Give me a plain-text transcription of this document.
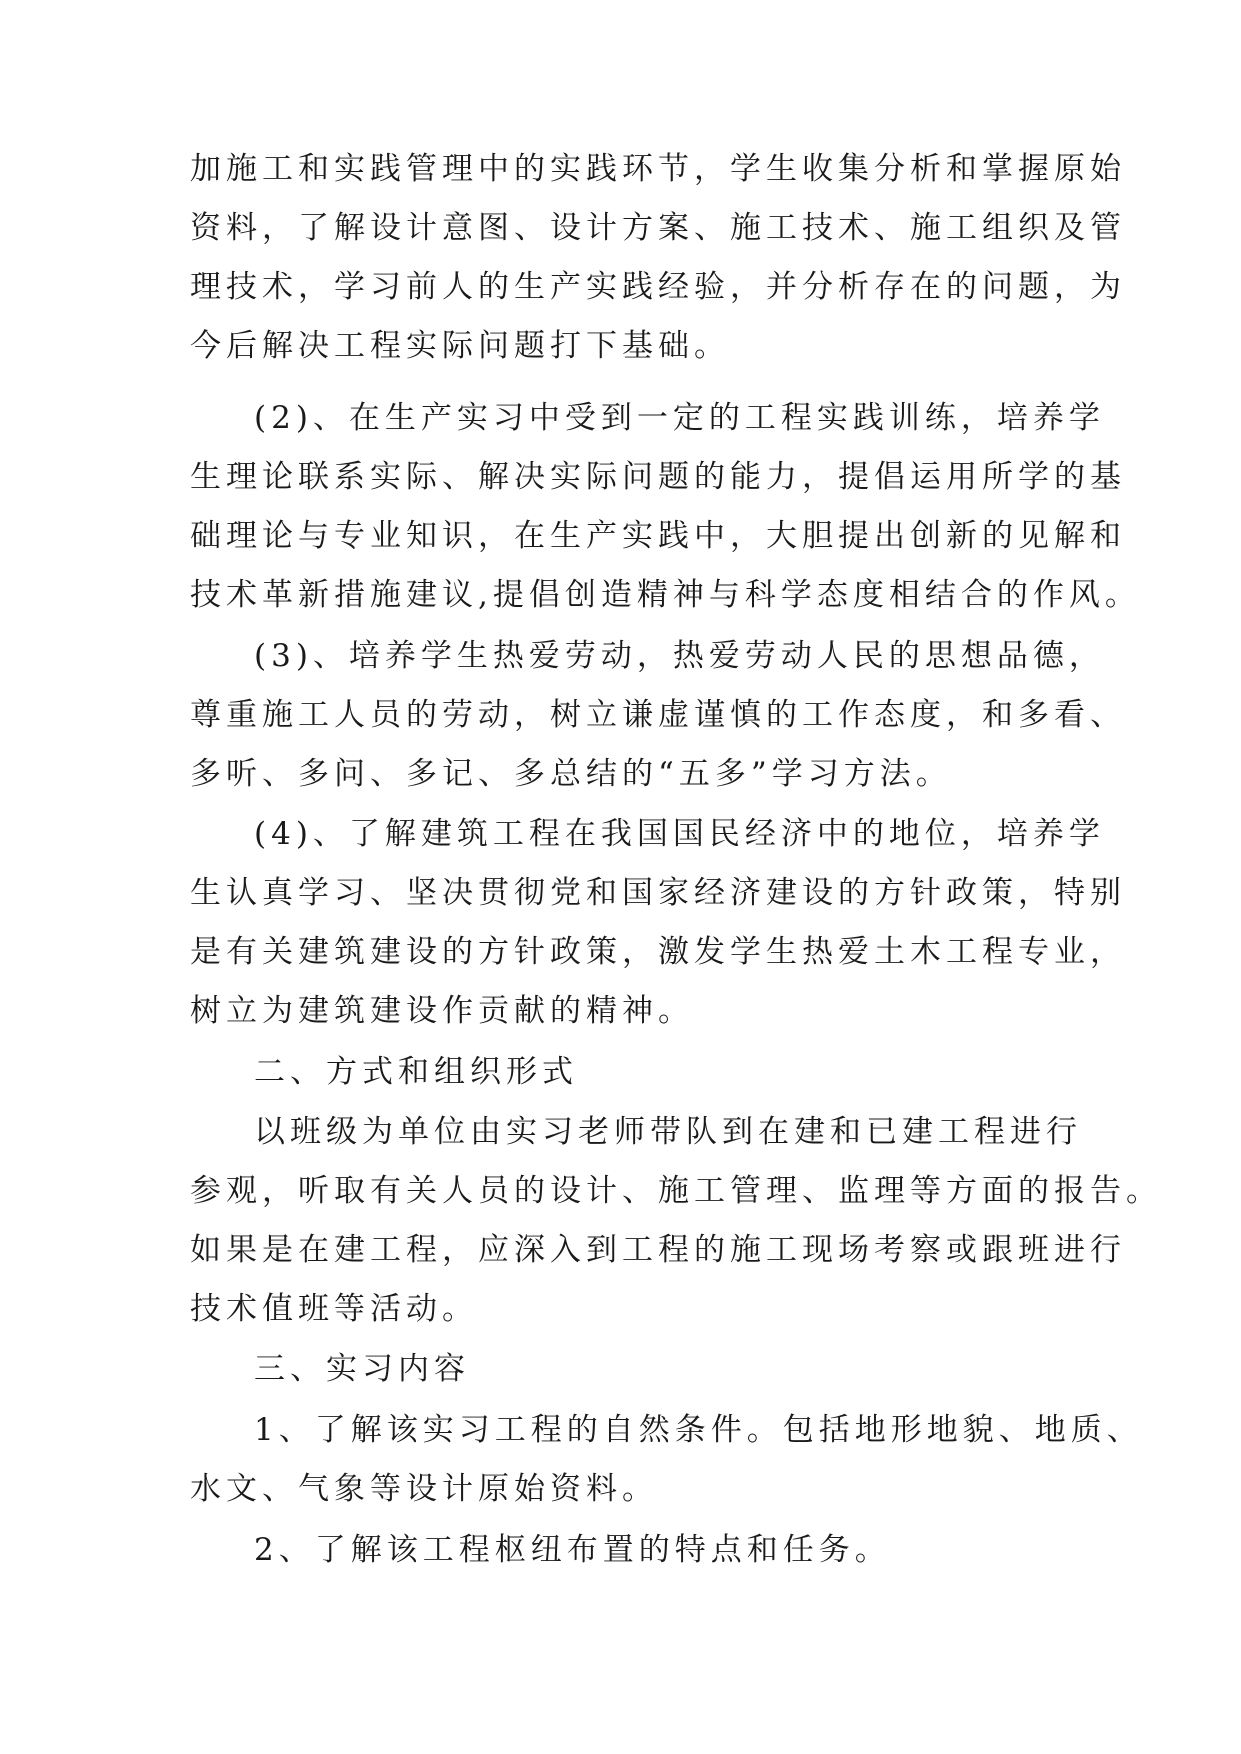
加施工和实践管理中的实践环节，学生收集分析和掌握原始
资料，了解设计意图、设计方案、施工技术、施工组织及管
理技术，学习前人的生产实践经验，并分析存在的问题，为
今后解决工程实际问题打下基础。
(2)、在生产实习中受到一定的工程实践训练，培养学
生理论联系实际、解决实际问题的能力，提倡运用所学的基
础理论与专业知识，在生产实践中，大胆提出创新的见解和
技术革新措施建议,提倡创造精神与科学态度相结合的作风。
(3)、培养学生热爱劳动，热爱劳动人民的思想品德，
尊重施工人员的劳动，树立谦虚谨慎的工作态度，和多看、
多听、多问、多记、多总结的“五多”学习方法。
(4)、了解建筑工程在我国国民经济中的地位，培养学
生认真学习、坚决贯彻党和国家经济建设的方针政策，特别
是有关建筑建设的方针政策，激发学生热爱土木工程专业，
树立为建筑建设作贡献的精神。
二、方式和组织形式
以班级为单位由实习老师带队到在建和已建工程进行
参观，听取有关人员的设计、施工管理、监理等方面的报告。
如果是在建工程，应深入到工程的施工现场考察或跟班进行
技术值班等活动。
三、实习内容
1、了解该实习工程的自然条件。包括地形地貌、地质、
水文、气象等设计原始资料。
2、了解该工程枢纽布置的特点和任务。
